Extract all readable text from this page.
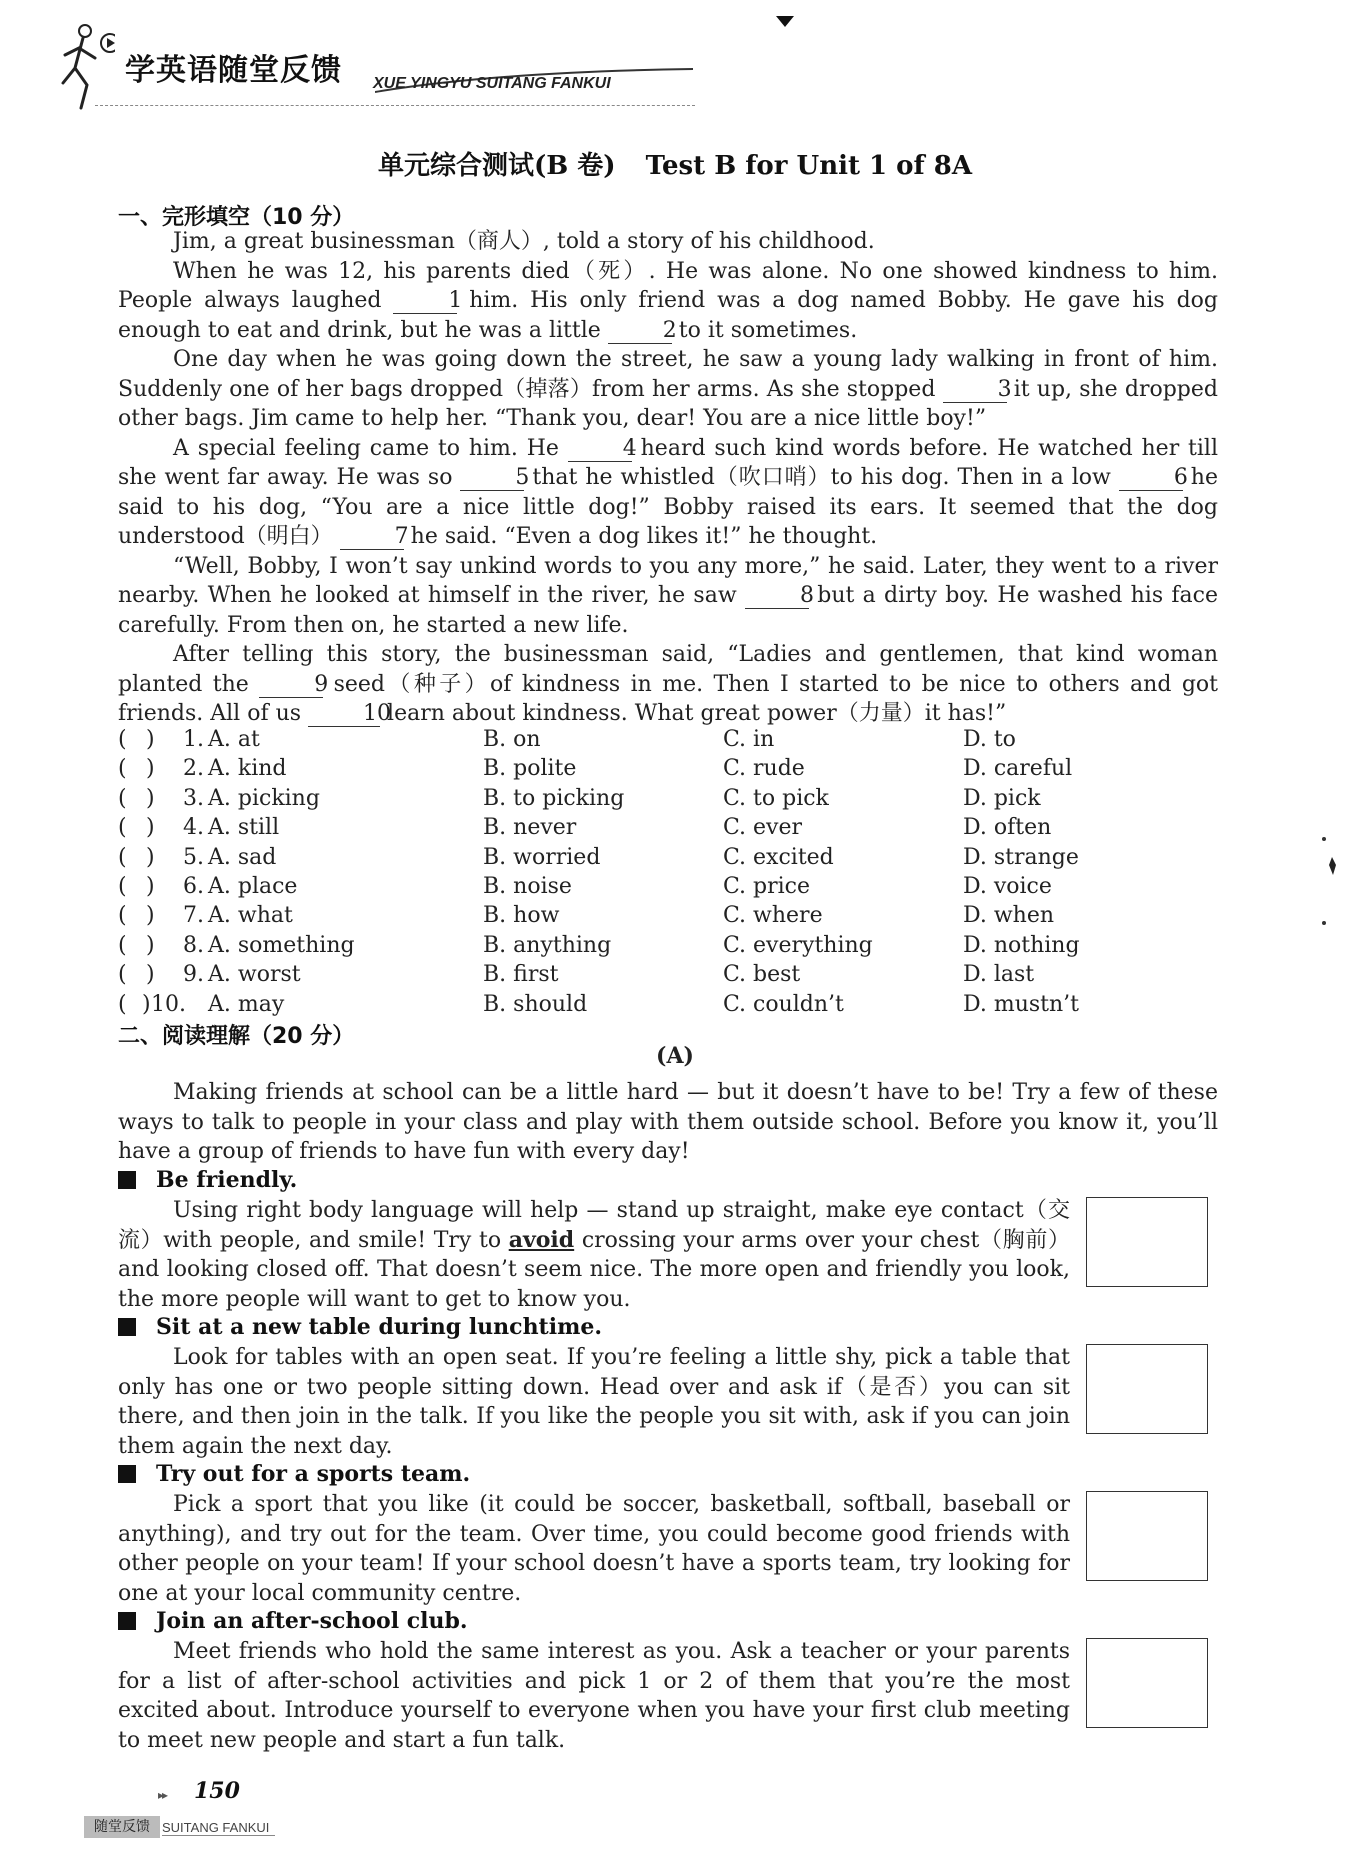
学英语随堂反馈 XUE YINGYU SUITANG FANKUI
单元综合测试(B 卷) Test B for Unit 1 of 8A
一、完形填空（10 分）

Jim, a great businessman（商人）, told a story of his childhood.

When he was 12, his parents died（死）. He was alone. No one showed kindness to him. People always laughed	1 him. His only friend was a dog named Bobby. He gave his dog enough to eat and drink, but he was a little	2 to it sometimes.

One day when he was going down the street, he saw a young lady walking in front of him. Suddenly one of her bags dropped（掉落）from her arms. As she stopped	3 it up, she dropped other bags. Jim came to help her. “Thank you, dear! You are a nice little boy!”

A special feeling came to him. He	4 heard such kind words before. He watched her till she went far away. He was so	5 that he whistled（吹口哨）to his dog. Then in a low	6 he said to his dog, “You are a nice little dog!” Bobby raised its ears. It seemed that the dog understood（明白）	7 he said. “Even a dog likes it!” he thought.

“Well, Bobby, I won’t say unkind words to you any more,” he said. Later, they went to a river nearby. When he looked at himself in the river, he saw	8 but a dirty boy. He washed his face carefully. From then on, he started a new life.

After telling this story, the businessman said, “Ladies and gentlemen, that kind woman planted the	9 seed（种子）of kindness in me. Then I started to be nice to others and got friends. All of us	10 learn about kindness. What great power（力量）it has!”

( ) 1. A. at	B. on	C. in	D. to
( ) 2. A. kind	B. polite	C. rude	D. careful
( ) 3. A. picking	B. to picking	C. to pick	D. pick
( ) 4. A. still	B. never	C. ever	D. often
( ) 5. A. sad	B. worried	C. excited	D. strange
( ) 6. A. place	B. noise	C. price	D. voice
( ) 7. A. what	B. how	C. where	D. when
( ) 8. A. something	B. anything	C. everything	D. nothing
( ) 9. A. worst	B. first	C. best	D. last
( ) 10. A. may	B. should	C. couldn’t	D. mustn’t
二、阅读理解（20 分）
(A)

Making friends at school can be a little hard — but it doesn’t have to be! Try a few of these ways to talk to people in your class and play with them outside school. Before you know it, you’ll have a group of friends to have fun with every day!

Be friendly.

Using right body language will help — stand up straight, make eye contact（交流）with people, and smile! Try to avoid crossing your arms over your chest（胸前）and looking closed off. That doesn’t seem nice. The more open and friendly you look, the more people will want to get to know you.

Sit at a new table during lunchtime.

Look for tables with an open seat. If you’re feeling a little shy, pick a table that only has one or two people sitting down. Head over and ask if（是否）you can sit there, and then join in the talk. If you like the people you sit with, ask if you can join them again the next day.

Try out for a sports team.

Pick a sport that you like (it could be soccer, basketball, softball, baseball or anything), and try out for the team. Over time, you could become good friends with other people on your team! If your school doesn’t have a sports team, try looking for one at your local community centre.

Join an after-school club.

Meet friends who hold the same interest as you. Ask a teacher or your parents for a list of after-school activities and pick 1 or 2 of them that you’re the most excited about. Introduce yourself to everyone when you have your first club meeting to meet new people and start a fun talk.

▸▸ 150
随堂反馈 SUITANG FANKUI
